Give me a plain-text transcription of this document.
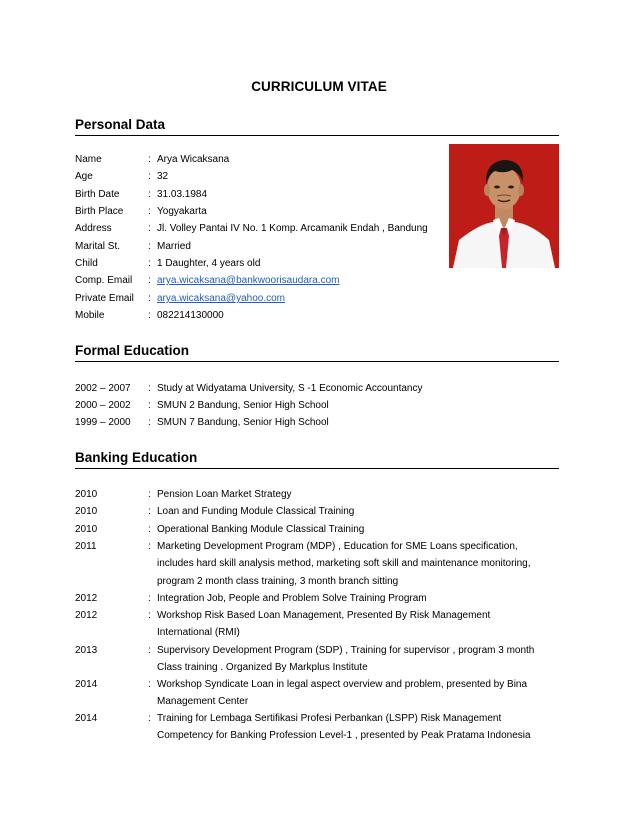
CURRICULUM VITAE
Personal Data
Name	: Arya Wicaksana
Age	: 32
Birth Date	: 31.03.1984
Birth Place	: Yogyakarta
Address	: Jl. Volley Pantai IV No. 1 Komp. Arcamanik Endah , Bandung
Marital St.	: Married
Child	: 1 Daughter, 4 years old
Comp. Email	: arya.wicaksana@bankwoorisaudara.com
Private Email	: arya.wicaksana@yahoo.com
Mobile	: 082214130000
Formal Education
2002 – 2007	: Study at Widyatama University, S -1 Economic Accountancy
2000 – 2002	: SMUN 2 Bandung, Senior High School
1999 – 2000	: SMUN 7 Bandung, Senior High School
Banking Education
2010	: Pension Loan Market Strategy
2010	: Loan and Funding Module Classical Training
2010	: Operational Banking Module Classical Training
2011	: Marketing Development Program (MDP) , Education for SME Loans specification,
includes hard skill analysis method, marketing soft skill and maintenance monitoring,
program 2 month class training, 3 month branch sitting
2012	: Integration Job, People and Problem Solve Training Program
2012	: Workshop Risk Based Loan Management, Presented By Risk Management
International (RMI)
2013	: Supervisory Development Program (SDP) , Training for supervisor , program 3 month
Class training . Organized By Markplus Institute
2014	: Workshop Syndicate Loan in legal aspect overview and problem, presented by Bina
Management Center
2014	: Training for Lembaga Sertifikasi Profesi Perbankan (LSPP) Risk Management
Competency for Banking Profession Level-1 , presented by Peak Pratama Indonesia
